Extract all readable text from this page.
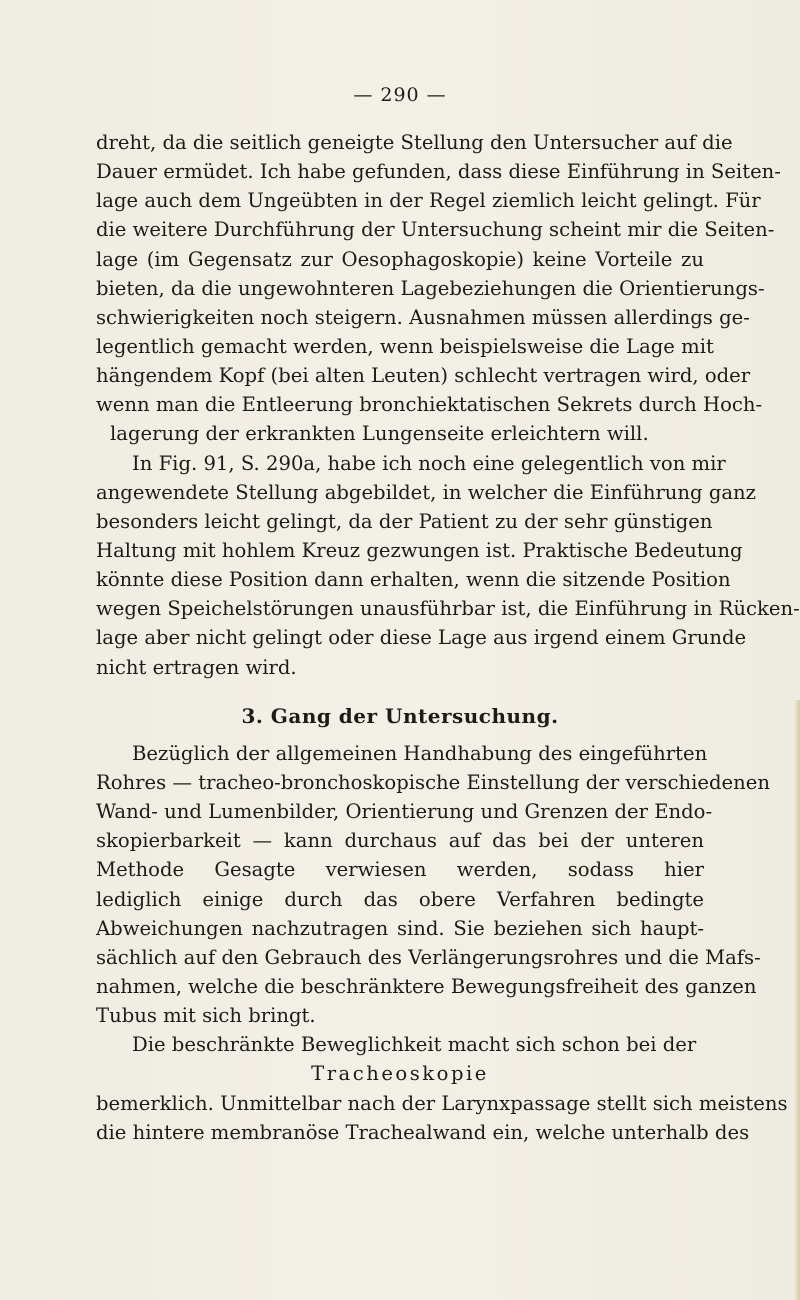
— 290 —
dreht, da die seitlich geneigte Stellung den Untersucher auf die
Dauer ermüdet. Ich habe gefunden, dass diese Einführung in Seiten-
lage auch dem Ungeübten in der Regel ziemlich leicht gelingt. Für
die weitere Durchführung der Untersuchung scheint mir die Seiten-
lage (im Gegensatz zur Oesophagoskopie) keine Vorteile zu
bieten, da die ungewohnteren Lagebeziehungen die Orientierungs-
schwierigkeiten noch steigern. Ausnahmen müssen allerdings ge-
legentlich gemacht werden, wenn beispielsweise die Lage mit
hängendem Kopf (bei alten Leuten) schlecht vertragen wird, oder
wenn man die Entleerung bronchiektatischen Sekrets durch Hoch-
lagerung der erkrankten Lungenseite erleichtern will.
In Fig. 91, S. 290a, habe ich noch eine gelegentlich von mir
angewendete Stellung abgebildet, in welcher die Einführung ganz
besonders leicht gelingt, da der Patient zu der sehr günstigen
Haltung mit hohlem Kreuz gezwungen ist. Praktische Bedeutung
könnte diese Position dann erhalten, wenn die sitzende Position
wegen Speichelstörungen unausführbar ist, die Einführung in Rücken-
lage aber nicht gelingt oder diese Lage aus irgend einem Grunde
nicht ertragen wird.
3. Gang der Untersuchung.
Bezüglich der allgemeinen Handhabung des eingeführten
Rohres — tracheo-bronchoskopische Einstellung der verschiedenen
Wand- und Lumenbilder, Orientierung und Grenzen der Endo-
skopierbarkeit — kann durchaus auf das bei der unteren
Methode Gesagte verwiesen werden, sodass hier
lediglich einige durch das obere Verfahren bedingte
Abweichungen nachzutragen sind. Sie beziehen sich haupt-
sächlich auf den Gebrauch des Verlängerungsrohres und die Mafs-
nahmen, welche die beschränktere Bewegungsfreiheit des ganzen
Tubus mit sich bringt.
Die beschränkte Beweglichkeit macht sich schon bei der
Tracheoskopie
bemerklich. Unmittelbar nach der Larynxpassage stellt sich meistens
die hintere membranöse Trachealwand ein, welche unterhalb des
